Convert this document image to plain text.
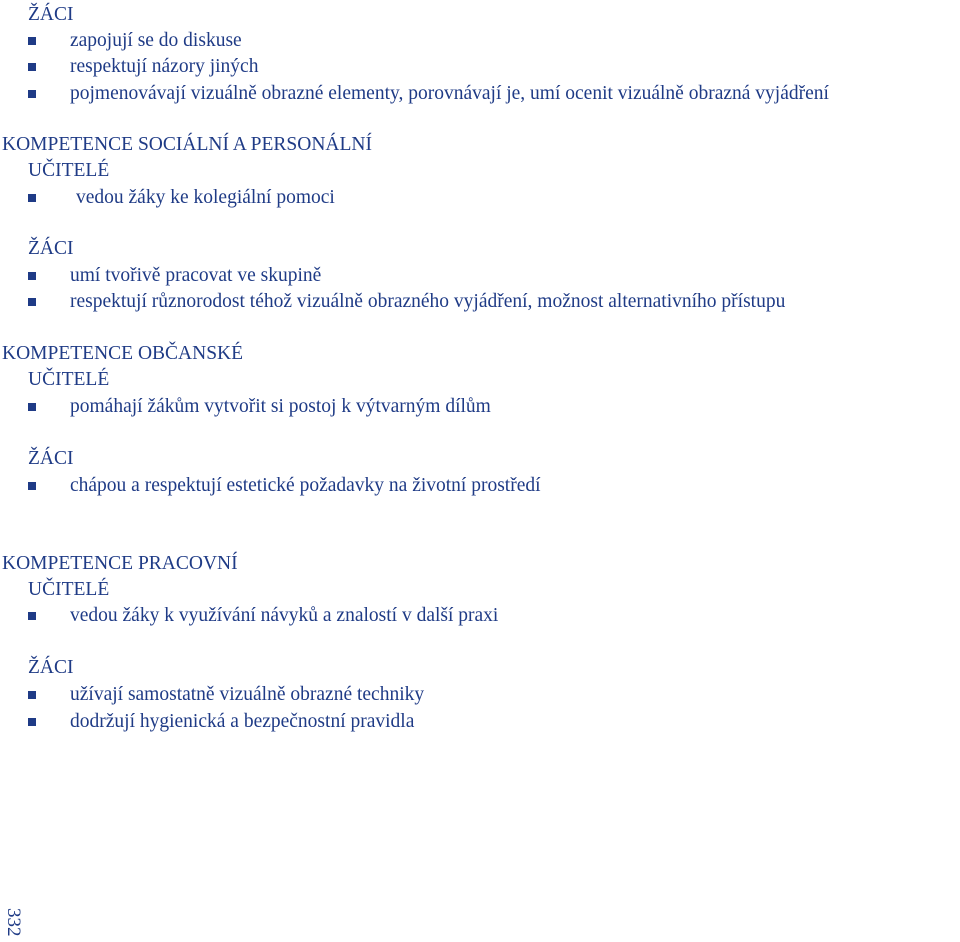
ŽÁCI
zapojují se do diskuse
respektují názory jiných
pojmenovávají vizuálně obrazné elementy, porovnávají je, umí ocenit vizuálně obrazná vyjádření
KOMPETENCE SOCIÁLNÍ A PERSONÁLNÍ
UČITELÉ
vedou žáky ke kolegiální pomoci
ŽÁCI
umí tvořivě pracovat ve skupině
respektují různorodost téhož vizuálně obrazného vyjádření, možnost alternativního přístupu
KOMPETENCE OBČANSKÉ
UČITELÉ
pomáhají žákům vytvořit si postoj k výtvarným dílům
ŽÁCI
chápou a respektují estetické požadavky na životní prostředí
KOMPETENCE PRACOVNÍ
UČITELÉ
vedou žáky k využívání návyků a znalostí v další praxi
ŽÁCI
užívají samostatně vizuálně obrazné techniky
dodržují hygienická a bezpečnostní pravidla
332
